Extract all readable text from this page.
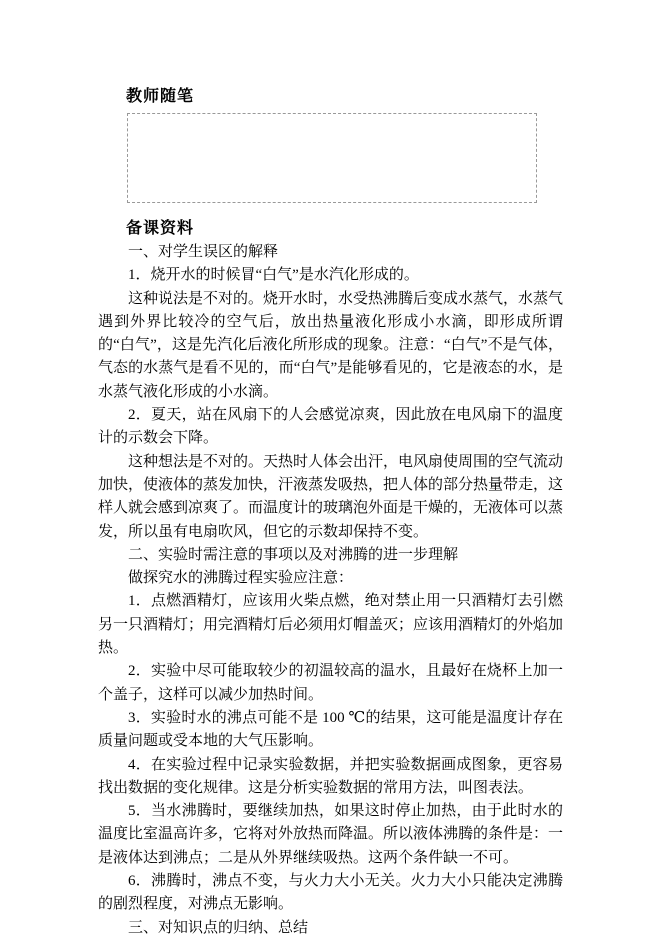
教师随笔
备课资料

一、对学生误区的解释

1．烧开水的时候冒“白气”是水汽化形成的。

这种说法是不对的。烧开水时，水受热沸腾后变成水蒸气，水蒸气遇到外界比较冷的空气后，放出热量液化形成小水滴，即形成所谓的“白气”，这是先汽化后液化所形成的现象。注意：“白气”不是气体，气态的水蒸气是看不见的，而“白气”是能够看见的，它是液态的水，是水蒸气液化形成的小水滴。

2．夏天，站在风扇下的人会感觉凉爽，因此放在电风扇下的温度计的示数会下降。

这种想法是不对的。天热时人体会出汗，电风扇使周围的空气流动加快，使液体的蒸发加快，汗液蒸发吸热，把人体的部分热量带走，这样人就会感到凉爽了。而温度计的玻璃泡外面是干燥的，无液体可以蒸发，所以虽有电扇吹风，但它的示数却保持不变。

二、实验时需注意的事项以及对沸腾的进一步理解

做探究水的沸腾过程实验应注意：

1．点燃酒精灯，应该用火柴点燃，绝对禁止用一只酒精灯去引燃另一只酒精灯；用完酒精灯后必须用灯帽盖灭；应该用酒精灯的外焰加热。

2．实验中尽可能取较少的初温较高的温水，且最好在烧杯上加一个盖子，这样可以减少加热时间。

3．实验时水的沸点可能不是 100 ℃的结果，这可能是温度计存在质量问题或受本地的大气压影响。

4．在实验过程中记录实验数据，并把实验数据画成图象，更容易找出数据的变化规律。这是分析实验数据的常用方法，叫图表法。

5．当水沸腾时，要继续加热，如果这时停止加热，由于此时水的温度比室温高许多，它将对外放热而降温。所以液体沸腾的条件是：一是液体达到沸点；二是从外界继续吸热。这两个条件缺一不可。

6．沸腾时，沸点不变，与火力大小无关。火力大小只能决定沸腾的剧烈程度，对沸点无影响。

三、对知识点的归纳、总结
